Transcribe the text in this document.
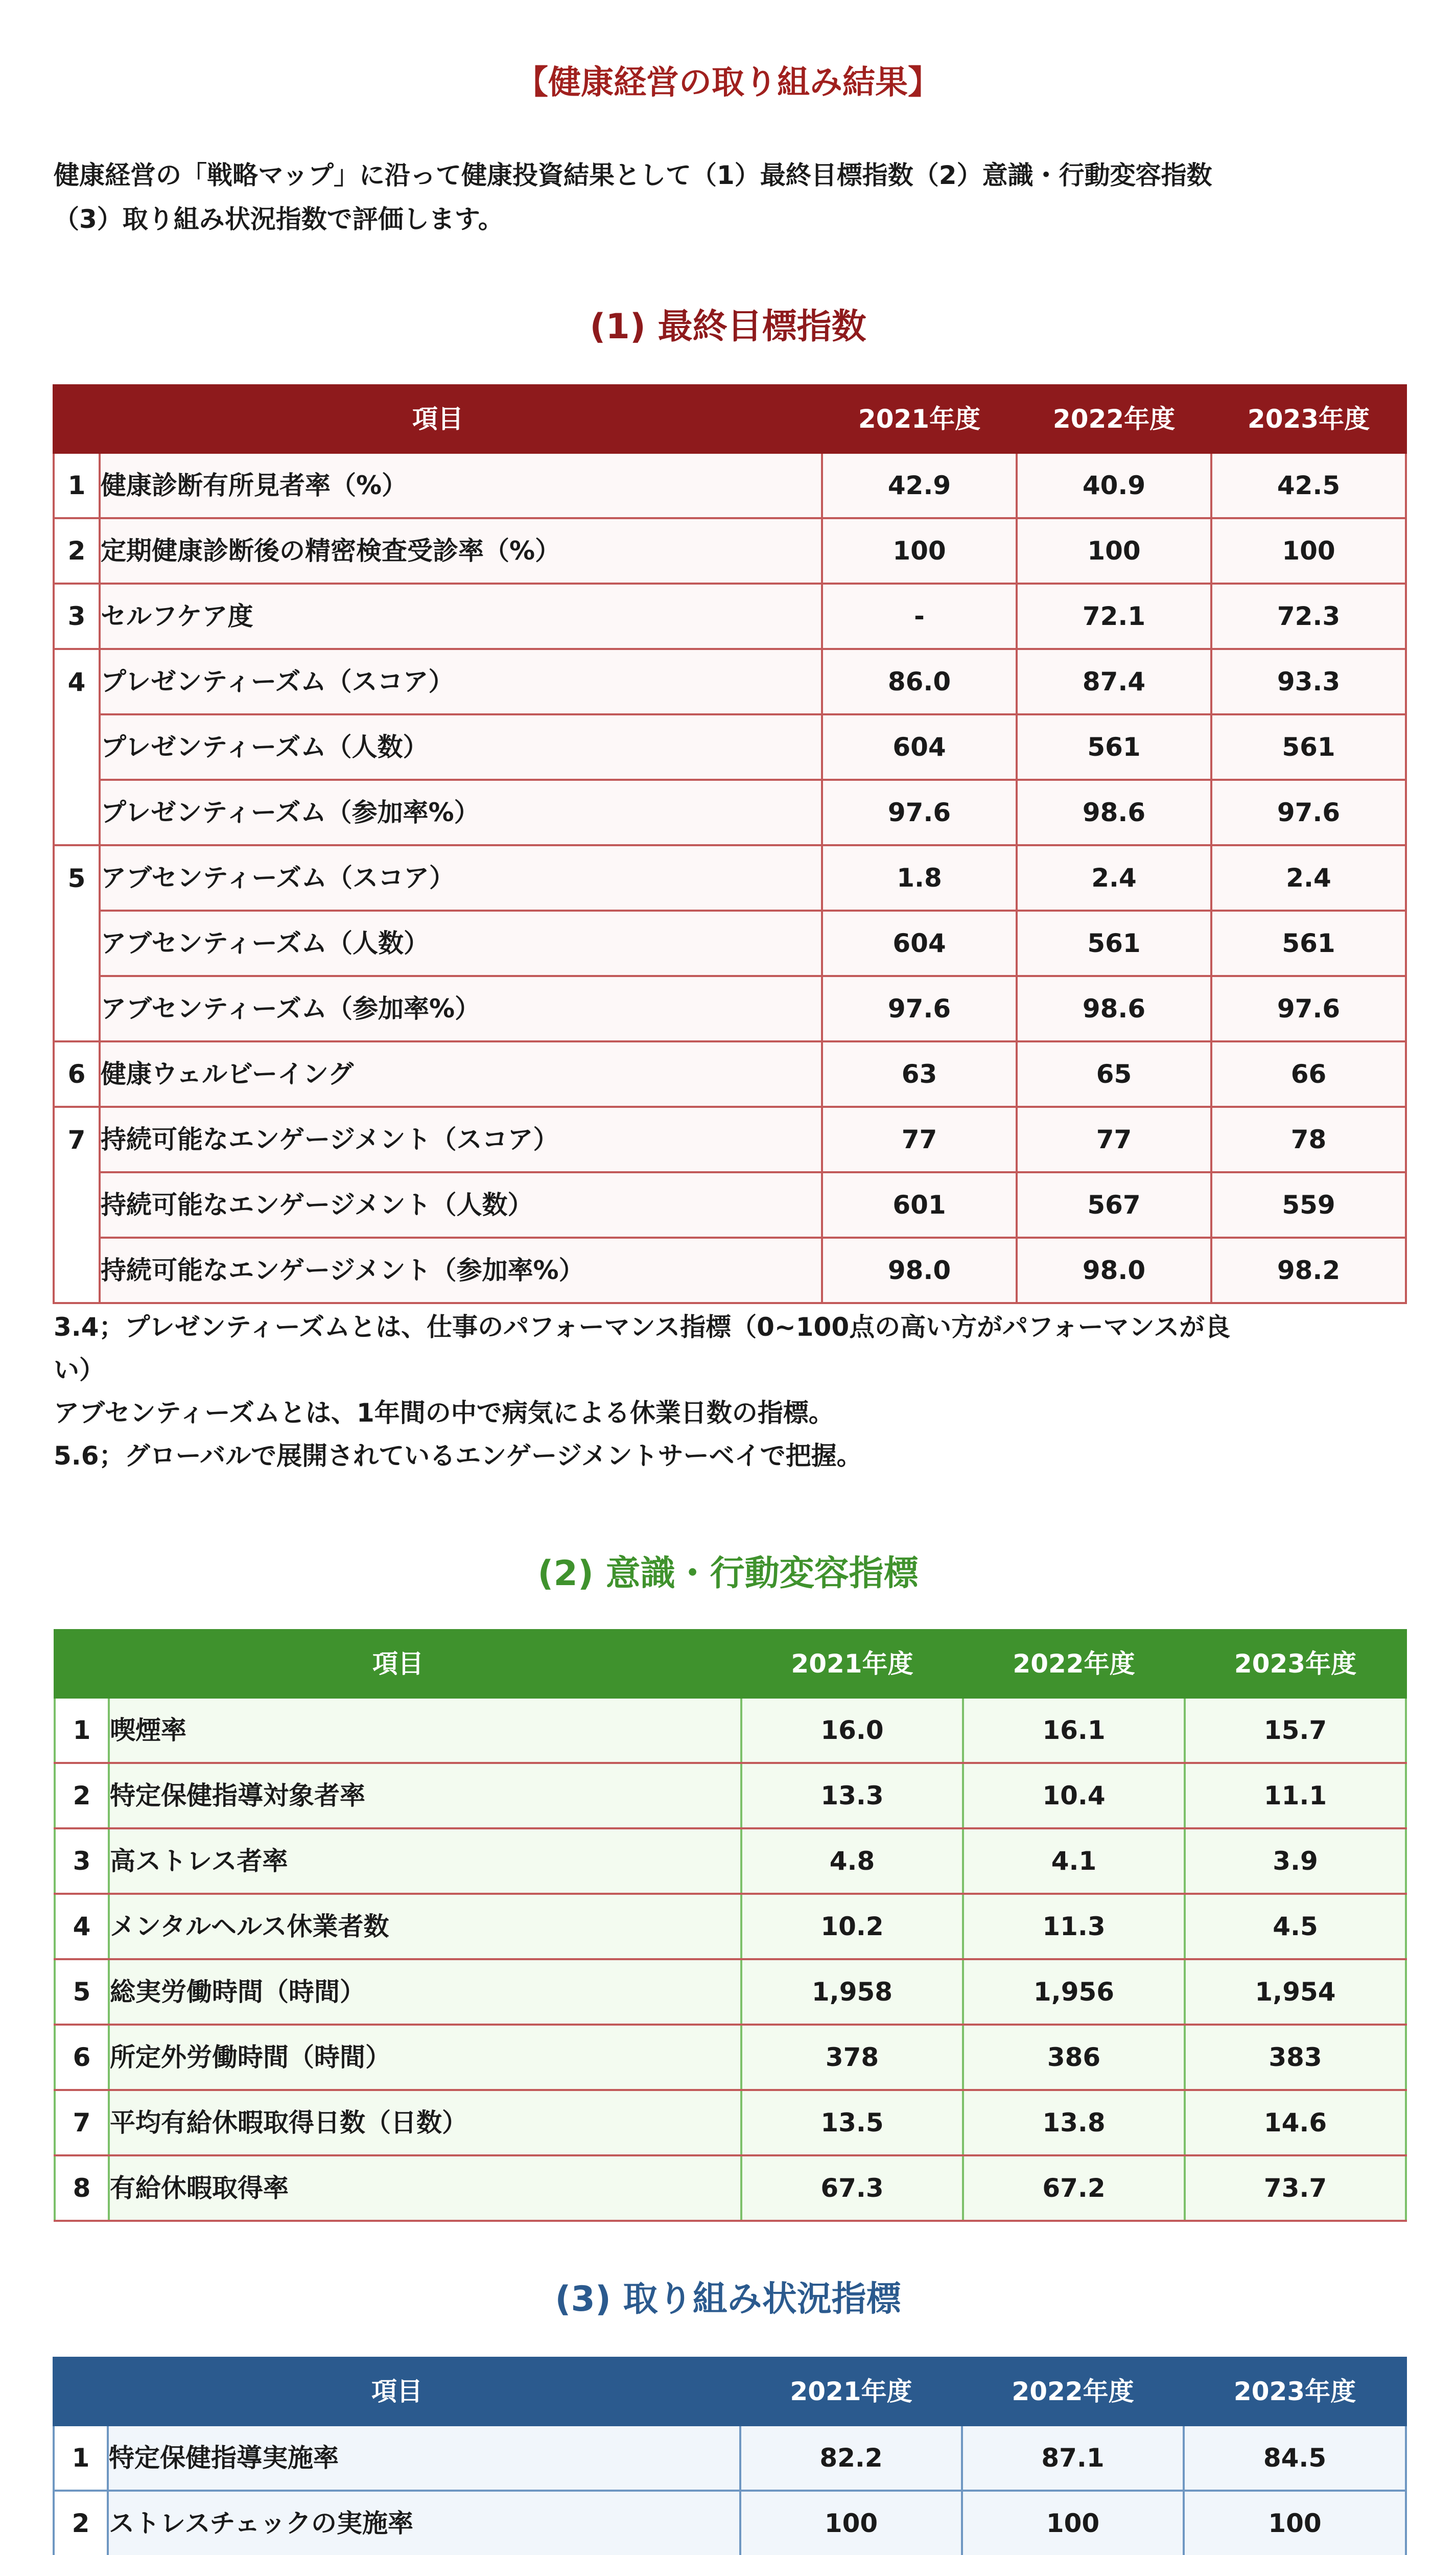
【健康経営の取り組み結果】
健康経営の「戦略マップ」に沿って健康投資結果として（1）最終目標指数（2）意識・行動変容指数
（3）取り組み状況指数で評価します。
(1) 最終目標指数
項目		2021年度	2022年度	2023年度
1	健康診断有所見者率（%）	42.9	40.9	42.5
2	定期健康診断後の精密検査受診率（%）	100	100	100
3	セルフケア度	-	72.1	72.3
4	プレゼンティーズム（スコア）	86.0	87.4	93.3
	プレゼンティーズム（人数）	604	561	561
	プレゼンティーズム（参加率%）	97.6	98.6	97.6
5	アブセンティーズム（スコア）	1.8	2.4	2.4
	アブセンティーズム（人数）	604	561	561
	アブセンティーズム（参加率%）	97.6	98.6	97.6
6	健康ウェルビーイング	63	65	66
7	持続可能なエンゲージメント（スコア）	77	77	78
	持続可能なエンゲージメント（人数）	601	567	559
	持続可能なエンゲージメント（参加率%）	98.0	98.0	98.2
3.4；プレゼンティーズムとは、仕事のパフォーマンス指標（0~100点の高い方がパフォーマンスが良
い）
アブセンティーズムとは、1年間の中で病気による休業日数の指標。
5.6；グローバルで展開されているエンゲージメントサーベイで把握。
(2) 意識・行動変容指標
項目		2021年度	2022年度	2023年度
1	喫煙率	16.0	16.1	15.7
2	特定保健指導対象者率	13.3	10.4	11.1
3	高ストレス者率	4.8	4.1	3.9
4	メンタルヘルス休業者数	10.2	11.3	4.5
5	総実労働時間（時間）	1,958	1,956	1,954
6	所定外労働時間（時間）	378	386	383
7	平均有給休暇取得日数（日数）	13.5	13.8	14.6
8	有給休暇取得率	67.3	67.2	73.7
(3) 取り組み状況指標
項目		2021年度	2022年度	2023年度
1	特定保健指導実施率	82.2	87.1	84.5
2	ストレスチェックの実施率	100	100	100
